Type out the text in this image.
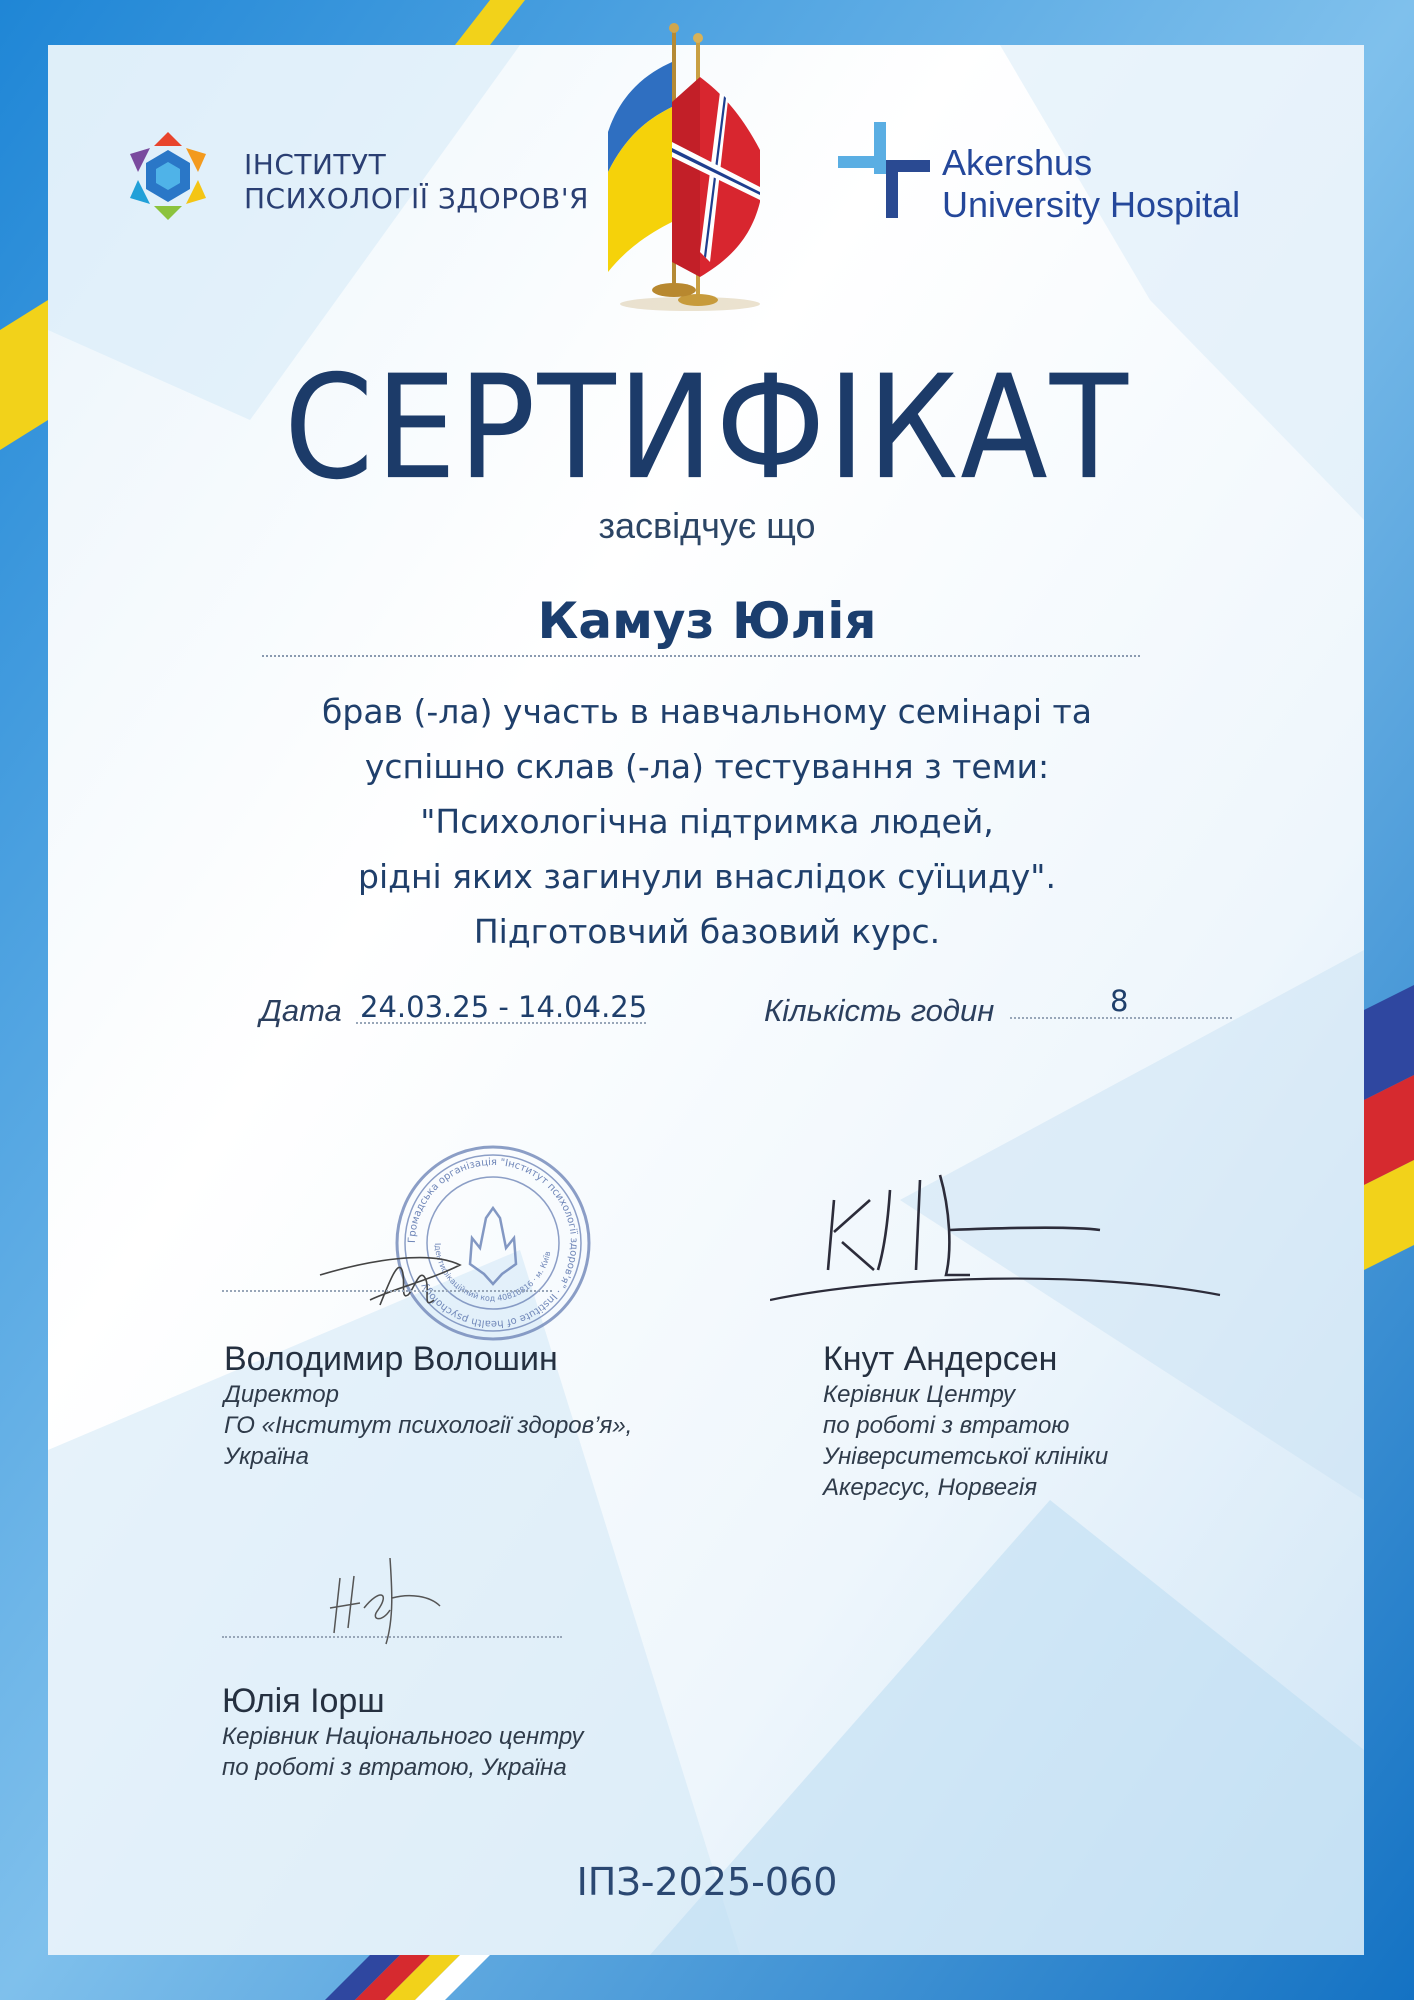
ІНСТИТУТ
ПСИХОЛОГІЇ ЗДОРОВ'Я
Akershus
University Hospital
СЕРТИФІКАТ
засвідчує що
Камуз Юлія
брав (-ла) участь в навчальному семінарі та
успішно склав (-ла) тестування з теми:
"Психологічна підтримка людей,
рідні яких загинули внаслідок суїциду".
Підготовчий базовий курс.
Дата 24.03.25 - 14.04.25	Кількість годин	8
Громадська організація "Інститут психології здоров'я" · Institute of health psychology
Ідентифікаційний код 40816816 · м. Київ
Володимир Волошин
Директор
ГО «Інститут психології здоров’я»,
Україна
Кнут Андерсен
Керівник Центру
по роботі з втратою
Університетської клініки
Акергсус, Норвегія
Юлія Іорш
Керівник Національного центру
по роботі з втратою, Україна
ІПЗ-2025-060
